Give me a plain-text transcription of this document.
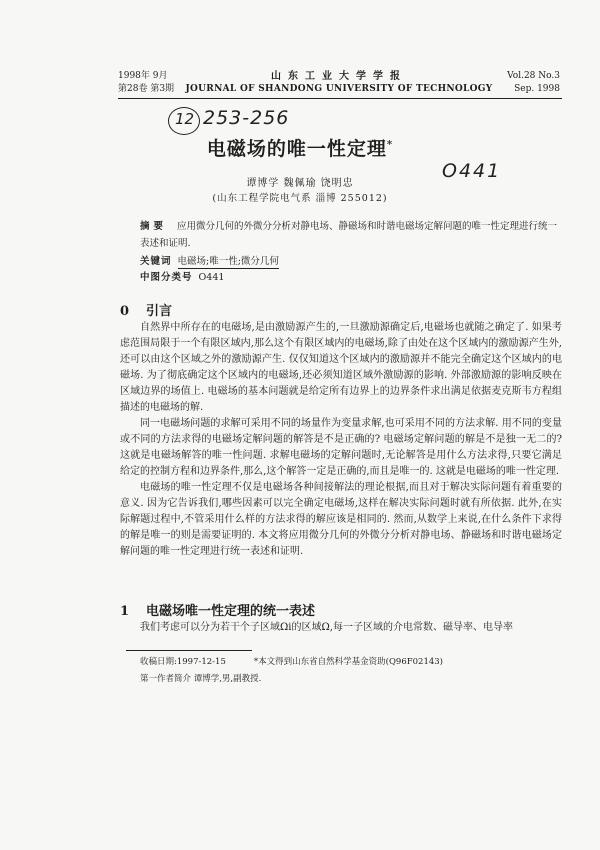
1998年 9月	山东工业大学学报	Vol.28 No.3
第28卷 第3期	JOURNAL OF SHANDONG UNIVERSITY OF TECHNOLOGY	Sep. 1998
12 253-256
O441
电磁场的唯一性定理*
谭博学 魏佩瑜 饶明忠
(山东工程学院电气系 淄博 255012)
摘要 应用微分几何的外微分分析对静电场、静磁场和时谐电磁场定解问题的唯一性定理进行统一表述和证明.
关键词 电磁场;唯一性;微分几何
中图分类号 O441
0 引言

自然界中所存在的电磁场,是由激励源产生的,一旦激励源确定后,电磁场也就随之确定了. 如果考虑范围局限于一个有限区域内,那么这个有限区域内的电磁场,除了由处在这个区域内的激励源产生外,还可以由这个区域之外的激励源产生. 仅仅知道这个区域内的激励源并不能完全确定这个区域内的电磁场. 为了彻底确定这个区域内的电磁场,还必须知道区域外激励源的影响. 外部激励源的影响反映在区域边界的场值上. 电磁场的基本问题就是给定所有边界上的边界条件求出满足依据麦克斯韦方程组描述的电磁场的解.

同一电磁场问题的求解可采用不同的场量作为变量求解,也可采用不同的方法求解. 用不同的变量或不同的方法求得的电磁场定解问题的解答是不是正确的? 电磁场定解问题的解是不是独一无二的?这就是电磁场解答的唯一性问题. 求解电磁场的定解问题时,无论解答是用什么方法求得,只要它满足给定的控制方程和边界条件,那么,这个解答一定是正确的,而且是唯一的. 这就是电磁场的唯一性定理.

电磁场的唯一性定理不仅是电磁场各种间接解法的理论根据,而且对于解决实际问题有着重要的意义. 因为它告诉我们,哪些因素可以完全确定电磁场,这样在解决实际问题时就有所依据. 此外,在实际解题过程中,不管采用什么样的方法求得的解应该是相同的. 然而,从数学上来说,在什么条件下求得的解是唯一的则是需要证明的. 本文将应用微分几何的外微分分析对静电场、静磁场和时谐电磁场定解问题的唯一性定理进行统一表述和证明.

1 电磁场唯一性定理的统一表述

我们考虑可以分为若干个子区域Ωi的区域Ω,每一子区域的介电常数、磁导率、电导率

收稿日期:1997-12-15	*本文得到山东省自然科学基金资助(Q96F02143)
第一作者简介 谭博学,男,副教授.
